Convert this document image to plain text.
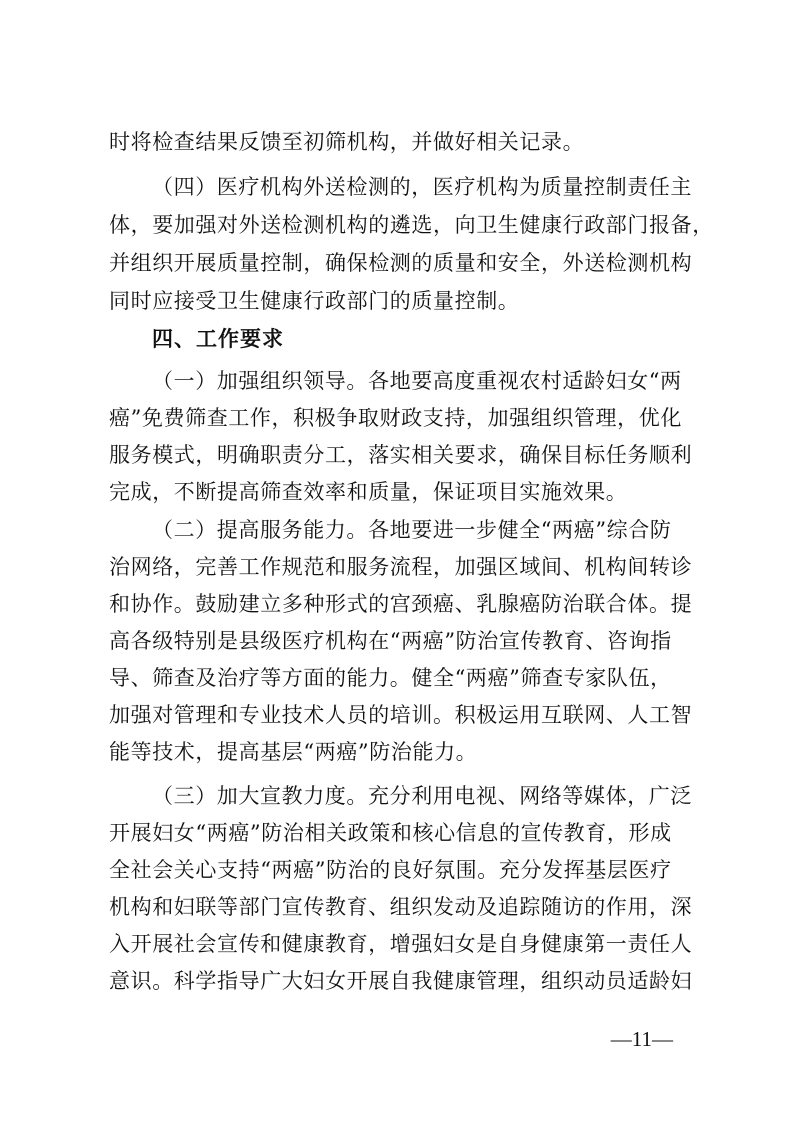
时将检查结果反馈至初筛机构，并做好相关记录。
（四）医疗机构外送检测的，医疗机构为质量控制责任主
体，要加强对外送检测机构的遴选，向卫生健康行政部门报备，
并组织开展质量控制，确保检测的质量和安全，外送检测机构
同时应接受卫生健康行政部门的质量控制。
四、工作要求
（一）加强组织领导。各地要高度重视农村适龄妇女“两
癌”免费筛查工作，积极争取财政支持，加强组织管理，优化
服务模式，明确职责分工，落实相关要求，确保目标任务顺利
完成，不断提高筛查效率和质量，保证项目实施效果。
（二）提高服务能力。各地要进一步健全“两癌”综合防
治网络，完善工作规范和服务流程，加强区域间、机构间转诊
和协作。鼓励建立多种形式的宫颈癌、乳腺癌防治联合体。提
高各级特别是县级医疗机构在“两癌”防治宣传教育、咨询指
导、筛查及治疗等方面的能力。健全“两癌”筛查专家队伍，
加强对管理和专业技术人员的培训。积极运用互联网、人工智
能等技术，提高基层“两癌”防治能力。
（三）加大宣教力度。充分利用电视、网络等媒体，广泛
开展妇女“两癌”防治相关政策和核心信息的宣传教育，形成
全社会关心支持“两癌”防治的良好氛围。充分发挥基层医疗
机构和妇联等部门宣传教育、组织发动及追踪随访的作用，深
入开展社会宣传和健康教育，增强妇女是自身健康第一责任人
意识。科学指导广大妇女开展自我健康管理，组织动员适龄妇
—11—
